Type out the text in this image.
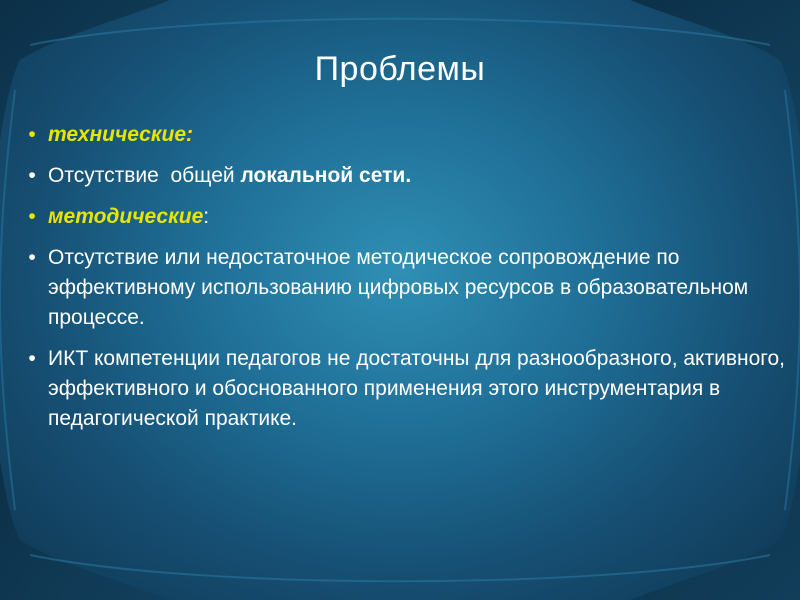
Проблемы
• технические:
• Отсутствие  общей локальной сети.
• методические:
• Отсутствие или недостаточное методическое сопровождение по эффективному использованию цифровых ресурсов в образовательном процессе.
• ИКТ компетенции педагогов не достаточны для разнообразного, активного, эффективного и обоснованного применения этого инструментария в педагогической практике.
